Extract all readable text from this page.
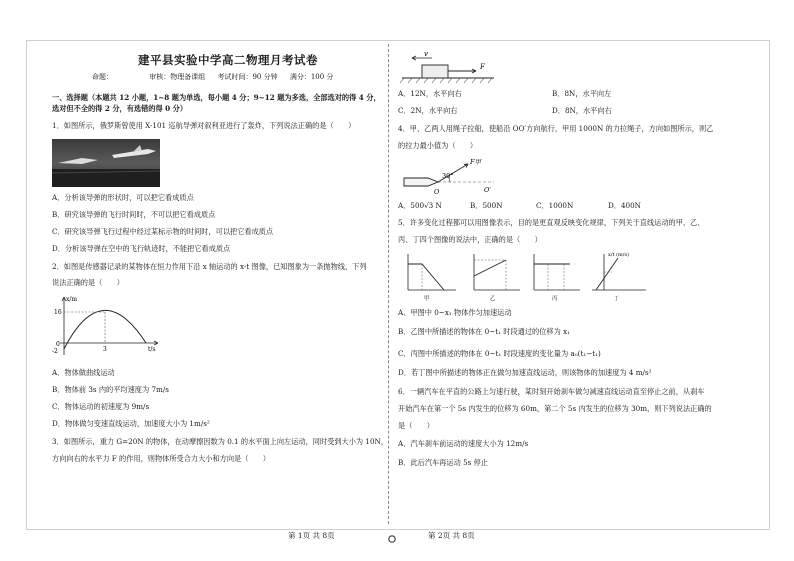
建平县实验中学高二物理月考试卷
命题：	审核：物理备课组 考试时间：90 分钟 满分：100 分
一、选择题（本题共 12 小题，1~8 题为单选，每小题 4 分；9~12 题为多选，全部选对的得 4 分，
选对但不全的得 2 分，有选错的得 0 分）
1．如图所示，俄罗斯曾使用 X-101 巡航导弹对叙利亚进行了轰炸，下列说法正确的是（　　）
A．分析该导弹的形状时，可以把它看成质点
B．研究该导弹的飞行时间时，不可以把它看成质点
C．研究该导弹飞行过程中经过某标示物的时间时，可以把它看成质点
D．分析该导弹在空中的飞行轨迹时，不能把它看成质点
2．如图是传感器记录的某物体在恒力作用下沿 x 轴运动的 x-t 图像，已知图象为一条抛物线，下列
说法正确的是（　　）
x/m
16
0
-2	3	t/s
A．物体做曲线运动
B．物体前 3s 内的平均速度为 7m/s
C．物体运动的初速度为 9m/s
D．物体做匀变速直线运动，加速度大小为 1m/s²
3．如图所示，重力 G=20N 的物体，在动摩擦因数为 0.1 的水平面上向左运动，同时受到大小为 10N，
方向向右的水平力 F 的作用，则物体所受合力大小和方向是（　　）
v
F
A．12N，水平向右	B．8N，水平向左
C．2N，水平向右	D．8N，水平向右
4．甲、乙两人用绳子拉船，使船沿 OO′方向航行，甲用 1000N 的力拉绳子，方向如图所示，则乙
的拉力最小值为（　　）
F甲
30°
O	O′
A．500√3 N	B．500N	C．1000N	D．400N
5．许多变化过程都可以用图像表示，目的是更直观反映变化规律，下列关于直线运动的甲、乙、
丙、丁四个图像的说法中，正确的是（　　）
甲	乙	丙
x/t (m/s)
丁
A．甲图中 0~x₁ 物体作匀加速运动
B．乙图中所描述的物体在 0~t₁ 时段通过的位移为 x₁
C．丙图中所描述的物体在 0~t₁ 时段速度的变化量为 a₀(t₁−t₁)
D．若丁图中所描述的物体正在做匀加速直线运动，则该物体的加速度为 4 m/s²
6．一辆汽车在平直的公路上匀速行驶，某时刻开始刹车做匀减速直线运动直至停止之前，从刹车
开始汽车在第一个 5s 内发生的位移为 60m，第二个 5s 内发生的位移为 30m，则下列说法正确的
是（　　）
A．汽车刹车前运动的速度大小为 12m/s
B．此后汽车再运动 5s 停止
第 1页 共 8页	第 2页 共 8页
